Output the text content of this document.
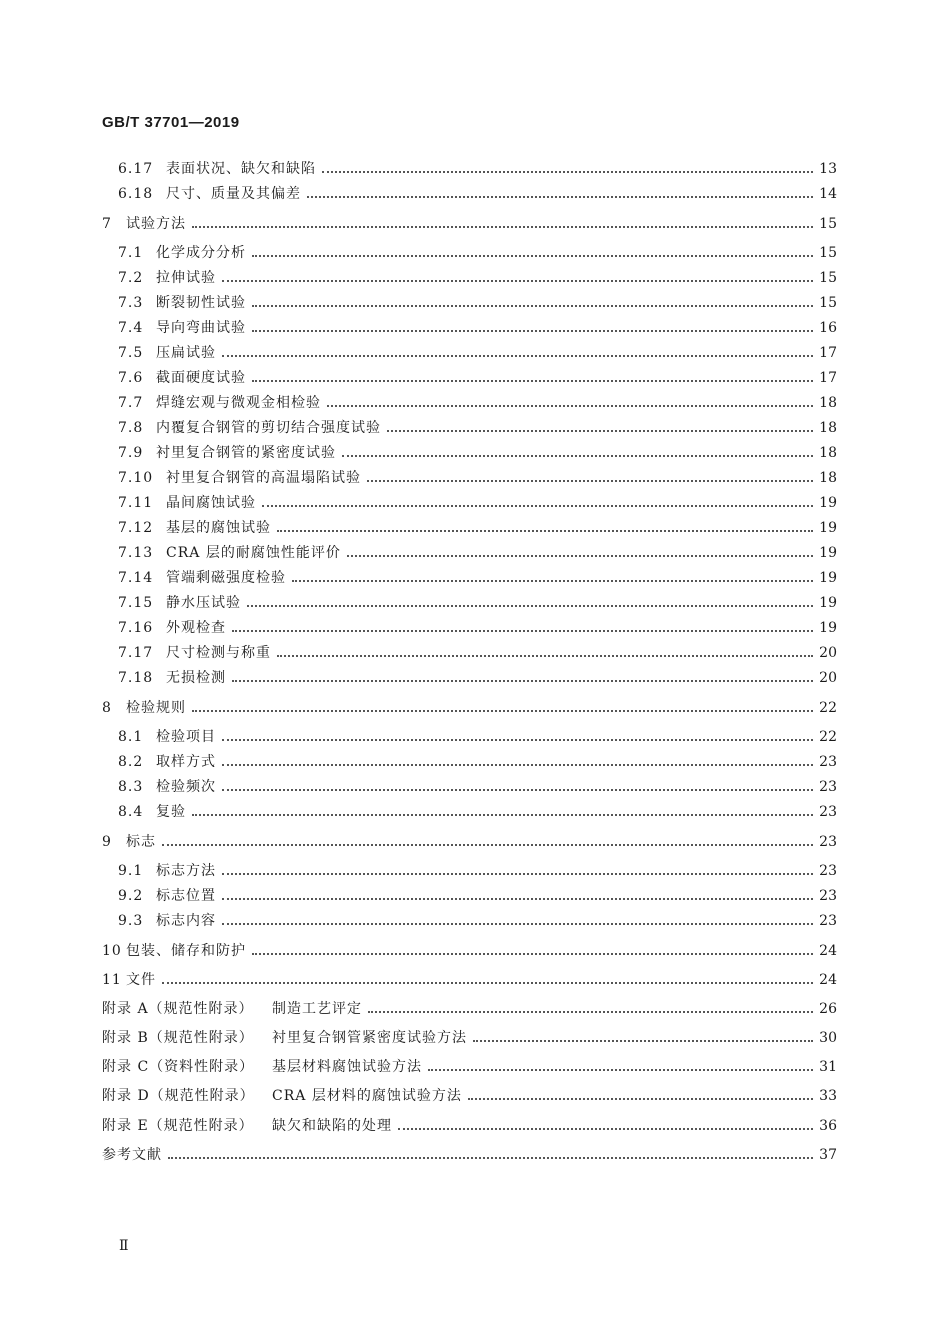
GB/T 37701—2019
6.17 表面状况、缺欠和缺陷	13
6.18 尺寸、质量及其偏差	14
7	试验方法	15
7.1 化学成分分析	15
7.2 拉伸试验	15
7.3 断裂韧性试验	15
7.4 导向弯曲试验	16
7.5 压扁试验	17
7.6 截面硬度试验	17
7.7 焊缝宏观与微观金相检验	18
7.8 内覆复合钢管的剪切结合强度试验	18
7.9 衬里复合钢管的紧密度试验	18
7.10 衬里复合钢管的高温塌陷试验	18
7.11 晶间腐蚀试验	19
7.12 基层的腐蚀试验	19
7.13 CRA 层的耐腐蚀性能评价	19
7.14 管端剩磁强度检验	19
7.15 静水压试验	19
7.16 外观检查	19
7.17 尺寸检测与称重	20
7.18 无损检测	20
8	检验规则	22
8.1 检验项目	22
8.2 取样方式	23
8.3 检验频次	23
8.4 复验	23
9	标志	23
9.1 标志方法	23
9.2 标志位置	23
9.3 标志内容	23
10 包装、储存和防护	24
11 文件	24
附录 A（规范性附录）	制造工艺评定	26
附录 B（规范性附录）	衬里复合钢管紧密度试验方法	30
附录 C（资料性附录）	基层材料腐蚀试验方法	31
附录 D（规范性附录）	CRA 层材料的腐蚀试验方法	33
附录 E（规范性附录）	缺欠和缺陷的处理	36
参考文献	37
Ⅱ
